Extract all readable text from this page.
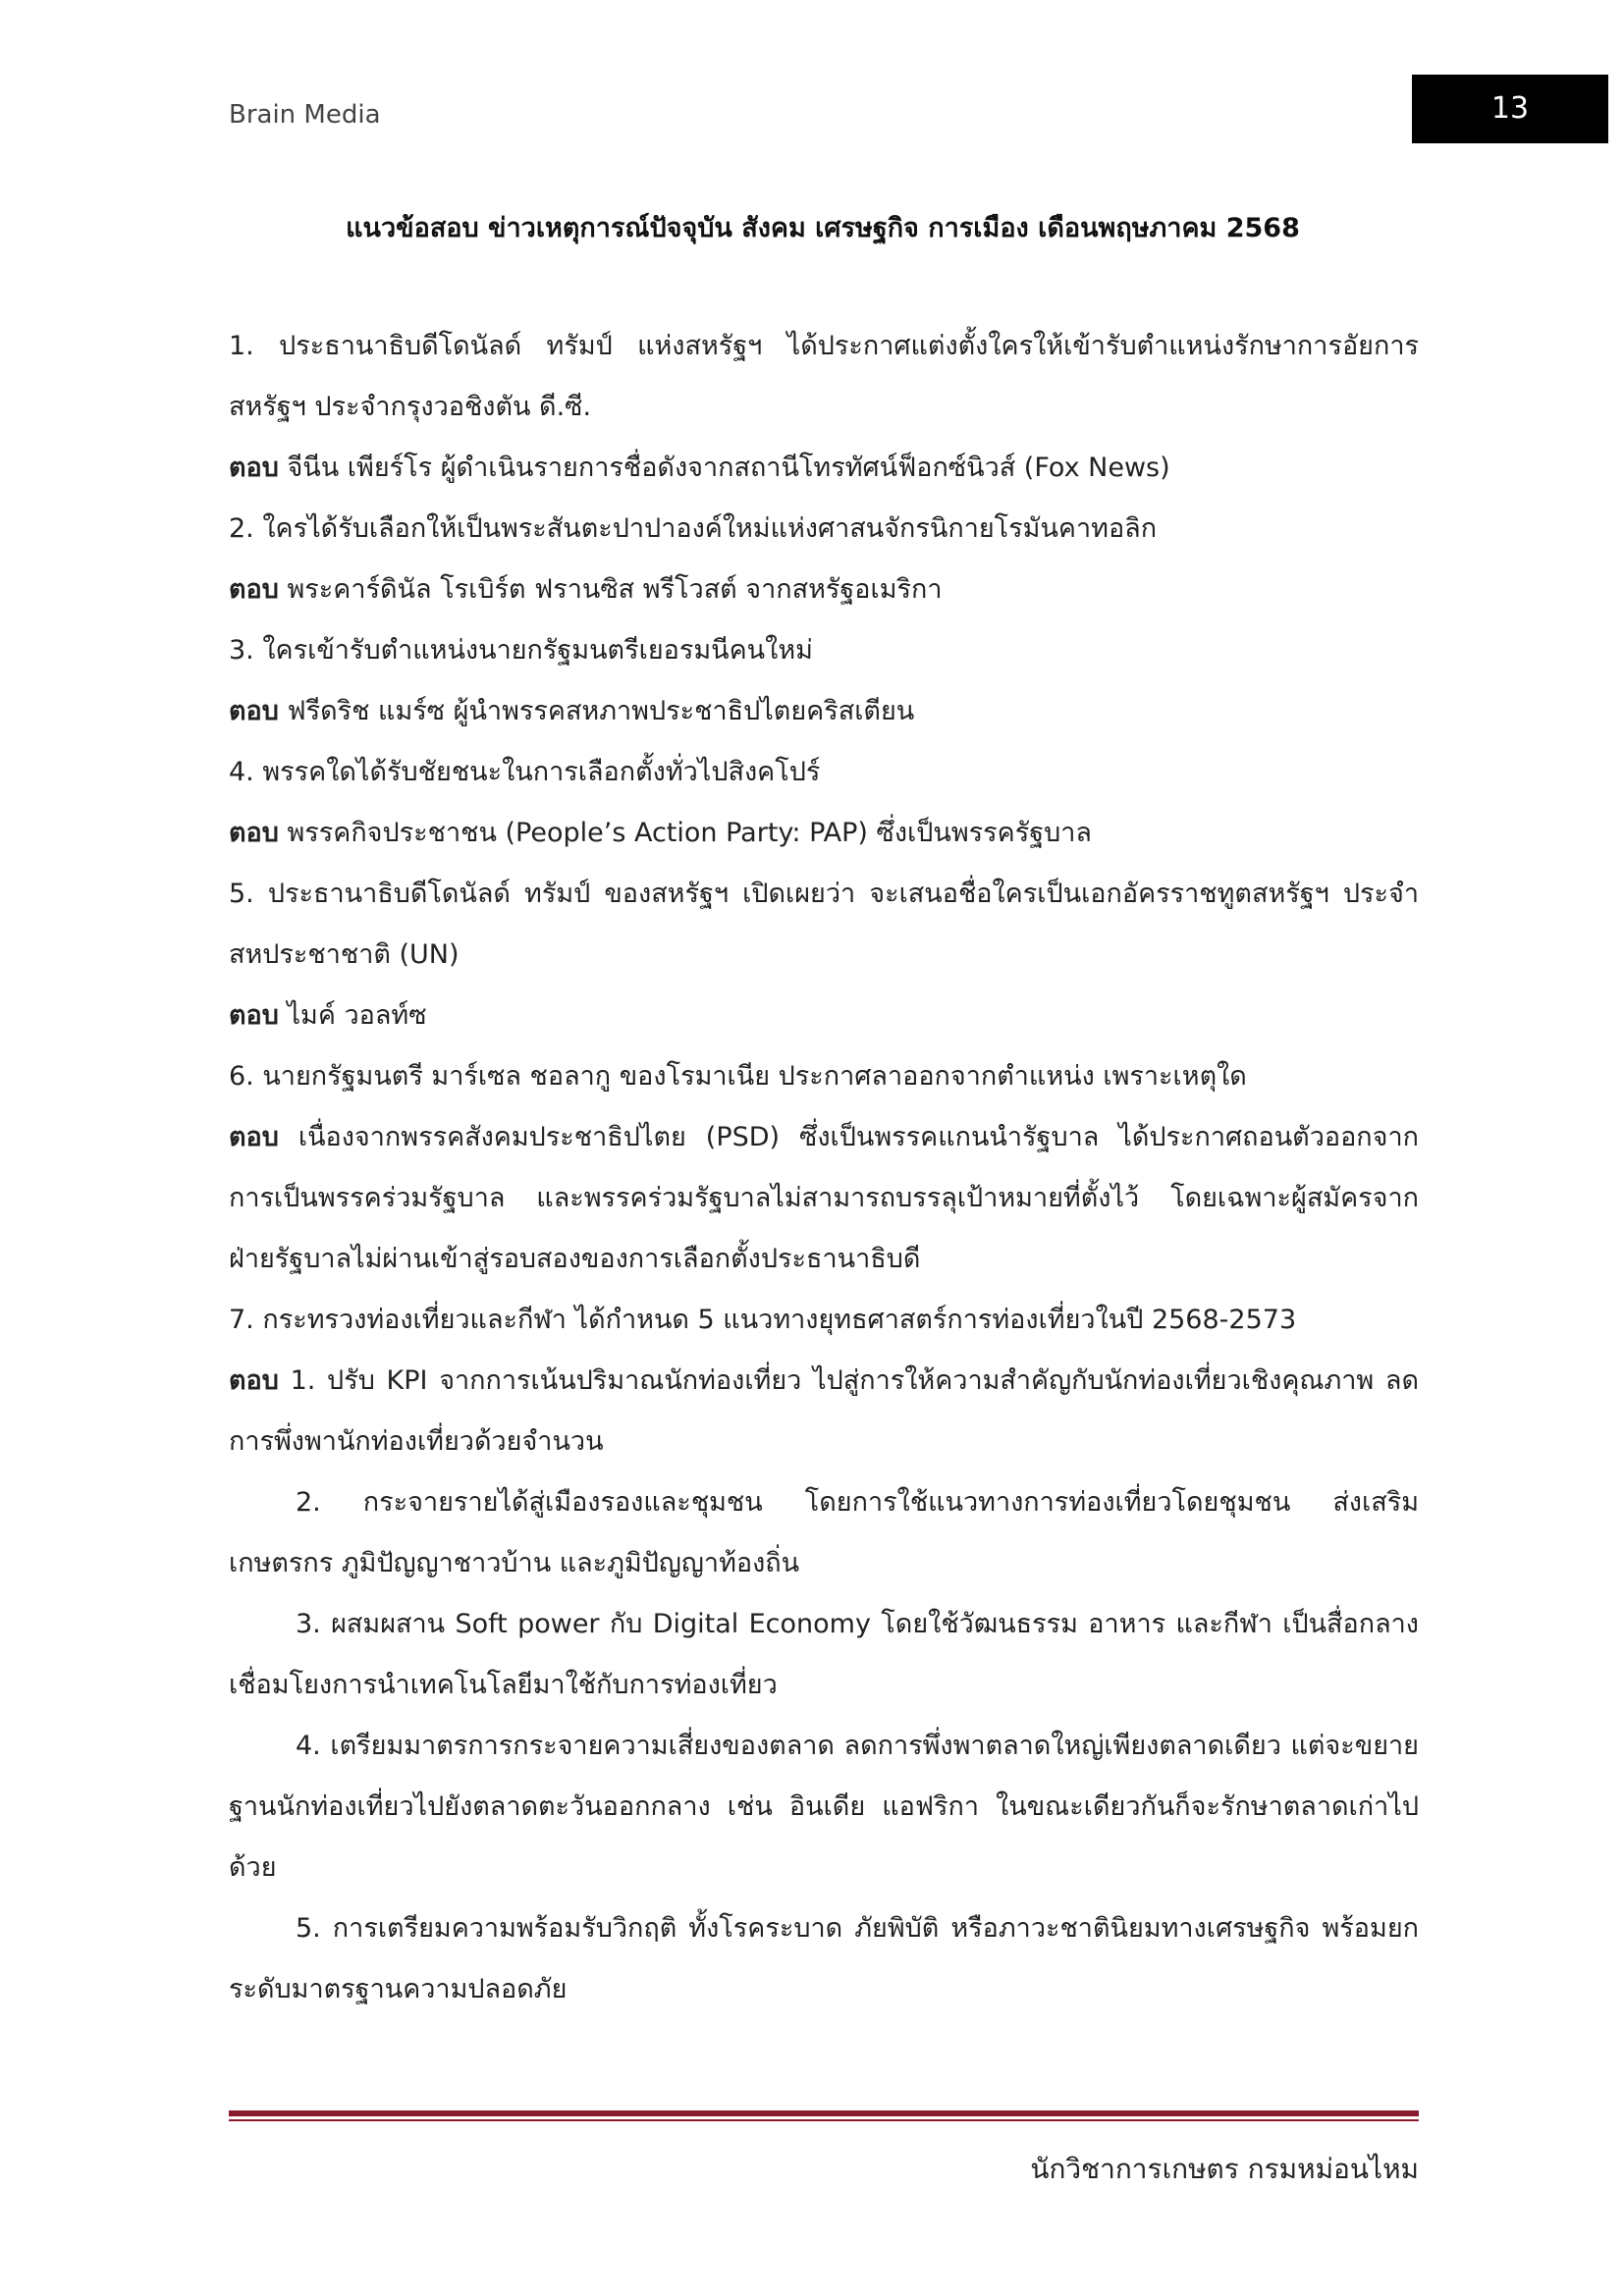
Brain Media	13
แนวข้อสอบ ข่าวเหตุการณ์ปัจจุบัน สังคม เศรษฐกิจ การเมือง เดือนพฤษภาคม 2568

1. ประธานาธิบดีโดนัลด์ ทรัมป์ แห่งสหรัฐฯ ได้ประกาศแต่งตั้งใครให้เข้ารับตำแหน่งรักษาการอัยการสหรัฐฯ ประจำกรุงวอชิงตัน ดี.ซี.

ตอบ จีนีน เพียร์โร ผู้ดำเนินรายการชื่อดังจากสถานีโทรทัศน์ฟ็อกซ์นิวส์ (Fox News)

2. ใครได้รับเลือกให้เป็นพระสันตะปาปาองค์ใหม่แห่งศาสนจักรนิกายโรมันคาทอลิก

ตอบ พระคาร์ดินัล โรเบิร์ต ฟรานซิส พรีโวสต์ จากสหรัฐอเมริกา

3. ใครเข้ารับตำแหน่งนายกรัฐมนตรีเยอรมนีคนใหม่

ตอบ ฟรีดริช แมร์ซ ผู้นำพรรคสหภาพประชาธิปไตยคริสเตียน

4. พรรคใดได้รับชัยชนะในการเลือกตั้งทั่วไปสิงคโปร์

ตอบ พรรคกิจประชาชน (People’s Action Party: PAP) ซึ่งเป็นพรรครัฐบาล

5. ประธานาธิบดีโดนัลด์ ทรัมป์ ของสหรัฐฯ เปิดเผยว่า จะเสนอชื่อใครเป็นเอกอัครราชทูตสหรัฐฯ ประจำสหประชาชาติ (UN)

ตอบ ไมค์ วอลท์ซ

6. นายกรัฐมนตรี มาร์เซล ชอลากู ของโรมาเนีย ประกาศลาออกจากตำแหน่ง เพราะเหตุใด

ตอบ เนื่องจากพรรคสังคมประชาธิปไตย (PSD) ซึ่งเป็นพรรคแกนนำรัฐบาล ได้ประกาศถอนตัวออกจากการเป็นพรรคร่วมรัฐบาล และพรรคร่วมรัฐบาลไม่สามารถบรรลุเป้าหมายที่ตั้งไว้ โดยเฉพาะผู้สมัครจากฝ่ายรัฐบาลไม่ผ่านเข้าสู่รอบสองของการเลือกตั้งประธานาธิบดี

7. กระทรวงท่องเที่ยวและกีฬา ได้กำหนด 5 แนวทางยุทธศาสตร์การท่องเที่ยวในปี 2568-2573

ตอบ 1. ปรับ KPI จากการเน้นปริมาณนักท่องเที่ยว ไปสู่การให้ความสำคัญกับนักท่องเที่ยวเชิงคุณภาพ ลดการพึ่งพานักท่องเที่ยวด้วยจำนวน

2. กระจายรายได้สู่เมืองรองและชุมชน โดยการใช้แนวทางการท่องเที่ยวโดยชุมชน ส่งเสริมเกษตรกร ภูมิปัญญาชาวบ้าน และภูมิปัญญาท้องถิ่น

3. ผสมผสาน Soft power กับ Digital Economy โดยใช้วัฒนธรรม อาหาร และกีฬา เป็นสื่อกลางเชื่อมโยงการนำเทคโนโลยีมาใช้กับการท่องเที่ยว

4. เตรียมมาตรการกระจายความเสี่ยงของตลาด ลดการพึ่งพาตลาดใหญ่เพียงตลาดเดียว แต่จะขยายฐานนักท่องเที่ยวไปยังตลาดตะวันออกกลาง เช่น อินเดีย แอฟริกา ในขณะเดียวกันก็จะรักษาตลาดเก่าไปด้วย

5. การเตรียมความพร้อมรับวิกฤติ ทั้งโรคระบาด ภัยพิบัติ หรือภาวะชาตินิยมทางเศรษฐกิจ พร้อมยกระดับมาตรฐานความปลอดภัย

นักวิชาการเกษตร กรมหม่อนไหม
